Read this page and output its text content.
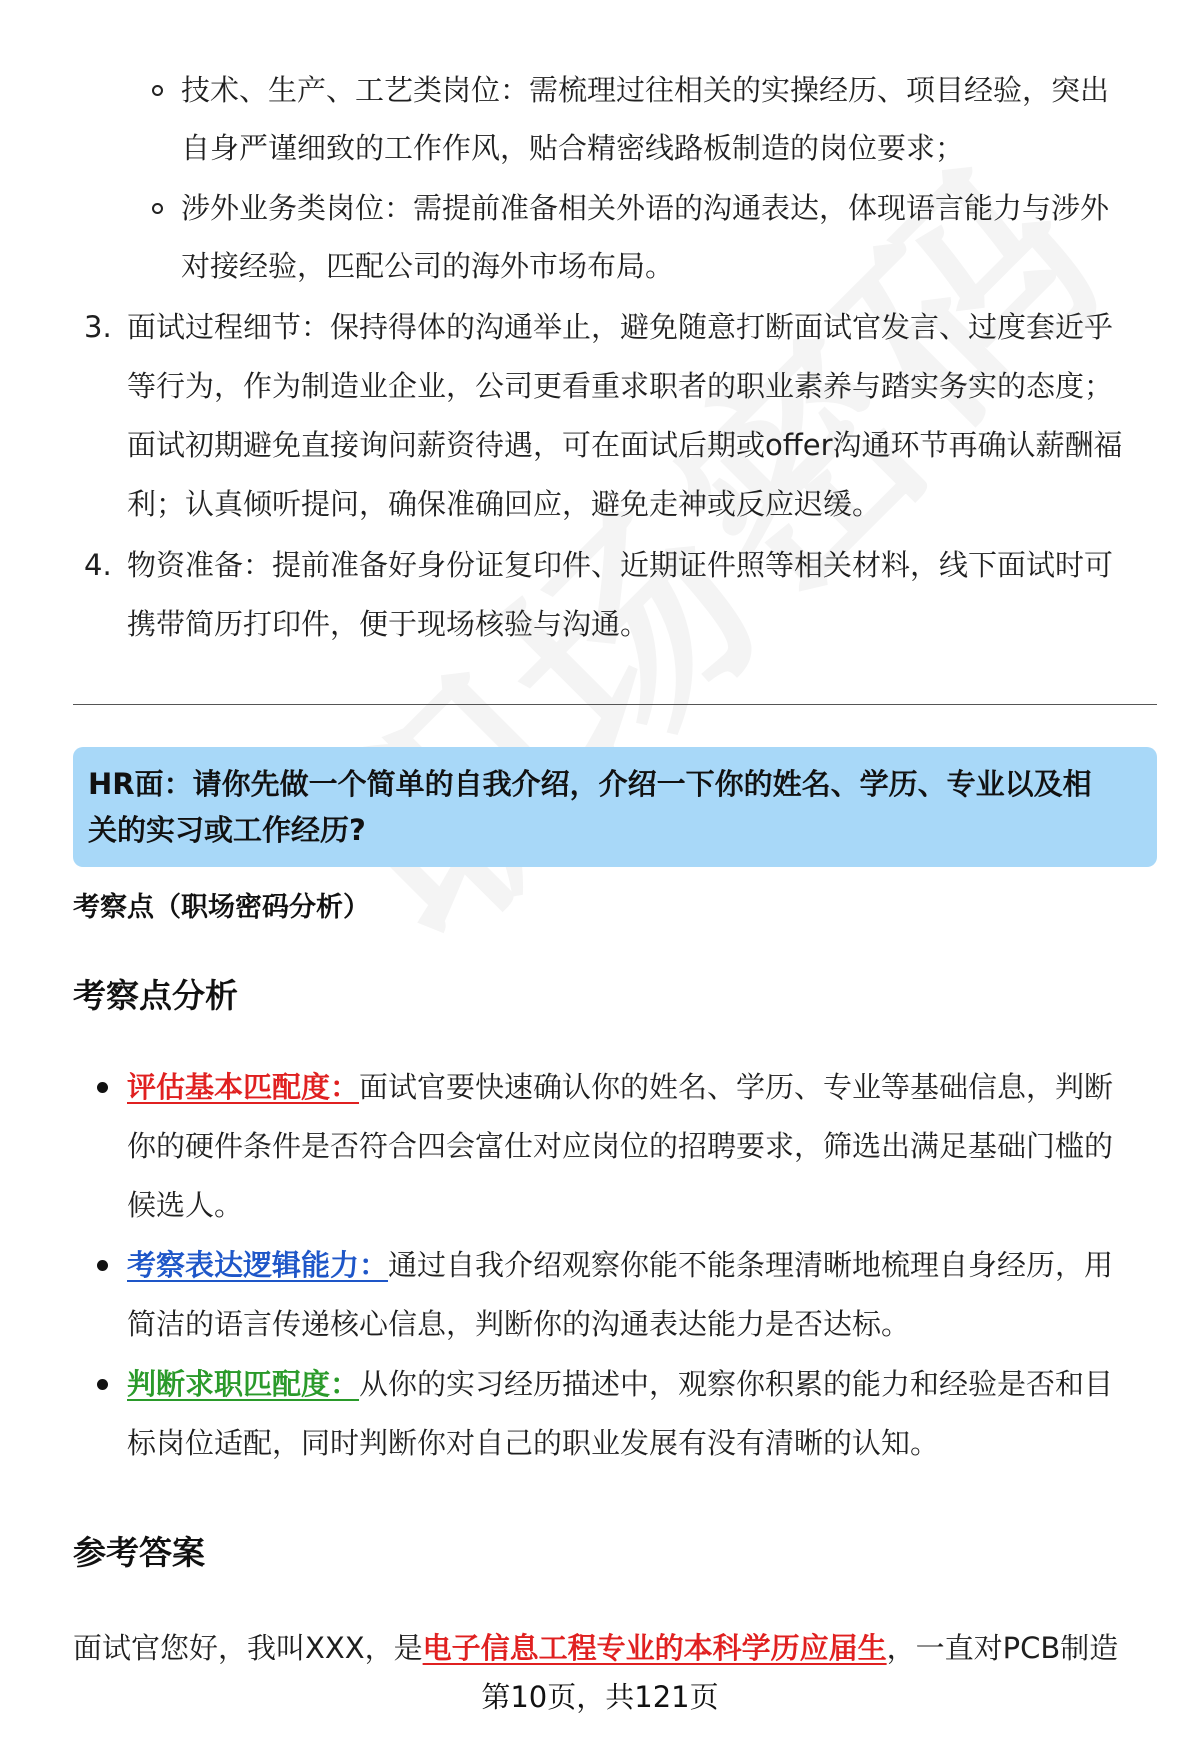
技术、生产、工艺类岗位：需梳理过往相关的实操经历、项目经验，突出
自身严谨细致的工作作风，贴合精密线路板制造的岗位要求；
涉外业务类岗位：需提前准备相关外语的沟通表达，体现语言能力与涉外
对接经验，匹配公司的海外市场布局。
3. 面试过程细节：保持得体的沟通举止，避免随意打断面试官发言、过度套近乎
等行为，作为制造业企业，公司更看重求职者的职业素养与踏实务实的态度；
面试初期避免直接询问薪资待遇，可在面试后期或offer沟通环节再确认薪酬福
利；认真倾听提问，确保准确回应，避免走神或反应迟缓。
4. 物资准备：提前准备好身份证复印件、近期证件照等相关材料，线下面试时可
携带简历打印件，便于现场核验与沟通。
HR面：请你先做一个简单的自我介绍，介绍一下你的姓名、学历、专业以及相
关的实习或工作经历?
考察点（职场密码分析）
考察点分析
评估基本匹配度：面试官要快速确认你的姓名、学历、专业等基础信息，判断
你的硬件条件是否符合四会富仕对应岗位的招聘要求，筛选出满足基础门槛的
候选人。
考察表达逻辑能力：通过自我介绍观察你能不能条理清晰地梳理自身经历，用
简洁的语言传递核心信息，判断你的沟通表达能力是否达标。
判断求职匹配度：从你的实习经历描述中，观察你积累的能力和经验是否和目
标岗位适配，同时判断你对自己的职业发展有没有清晰的认知。
参考答案
面试官您好，我叫XXX，是电子信息工程专业的本科学历应届生，一直对PCB制造
第10页，共121页
